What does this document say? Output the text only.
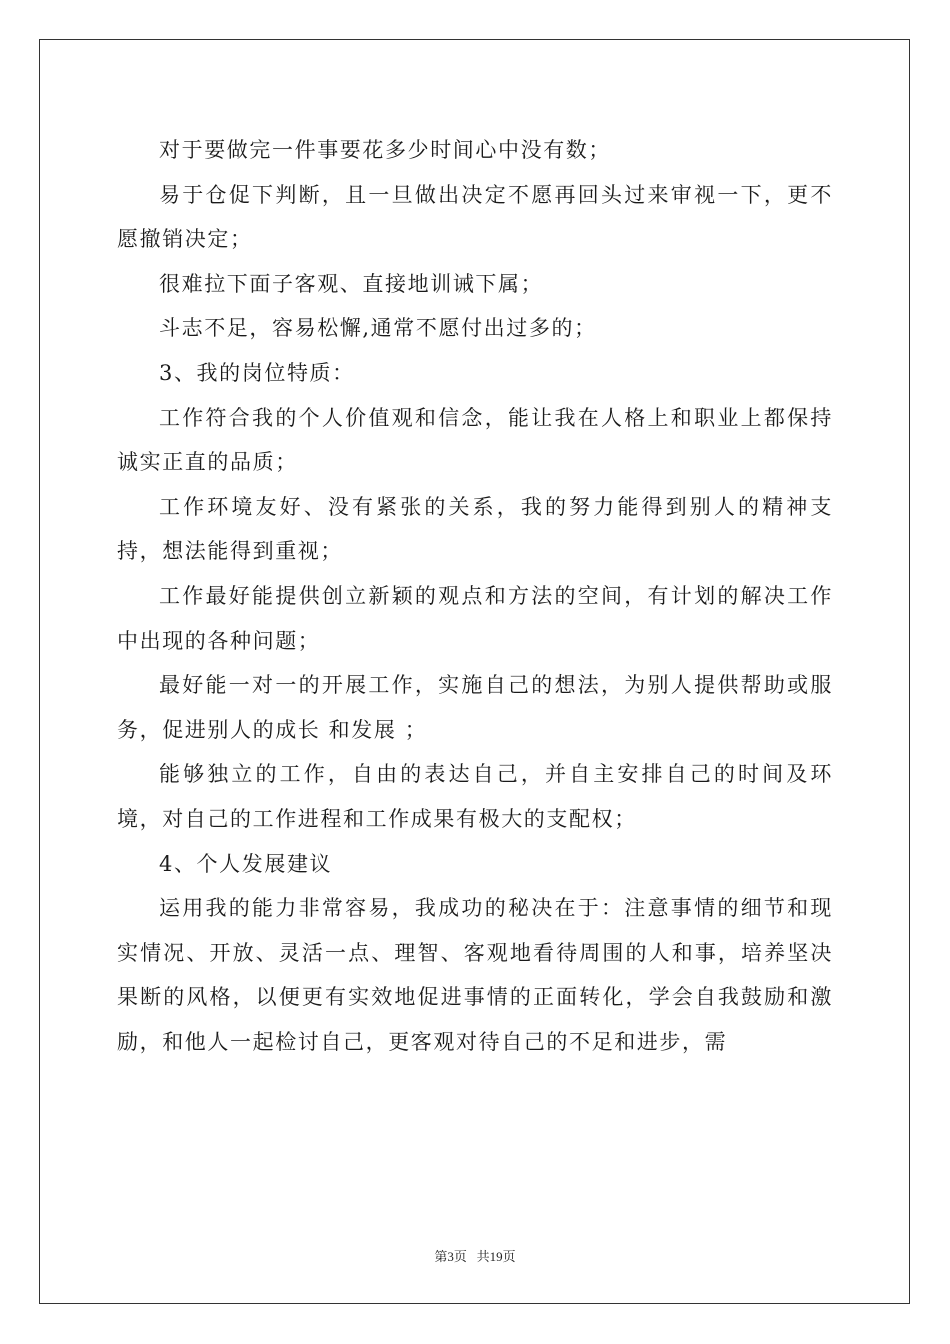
对于要做完一件事要花多少时间心中没有数；

易于仓促下判断，且一旦做出决定不愿再回头过来审视一下，更不愿撤销决定；

很难拉下面子客观、直接地训诫下属；

斗志不足，容易松懈,通常不愿付出过多的；

3、我的岗位特质：

工作符合我的个人价值观和信念，能让我在人格上和职业上都保持诚实正直的品质；

工作环境友好、没有紧张的关系，我的努力能得到别人的精神支持，想法能得到重视；

工作最好能提供创立新颖的观点和方法的空间，有计划的解决工作中出现的各种问题；

最好能一对一的开展工作，实施自己的想法，为别人提供帮助或服务，促进别人的成长 和发展 ；

能够独立的工作，自由的表达自己，并自主安排自己的时间及环境，对自己的工作进程和工作成果有极大的支配权；

4、个人发展建议

运用我的能力非常容易，我成功的秘决在于：注意事情的细节和现实情况、开放、灵活一点、理智、客观地看待周围的人和事，培养坚决果断的风格，以便更有实效地促进事情的正面转化，学会自我鼓励和激励，和他人一起检讨自己，更客观对待自己的不足和进步，需

第3页   共19页
